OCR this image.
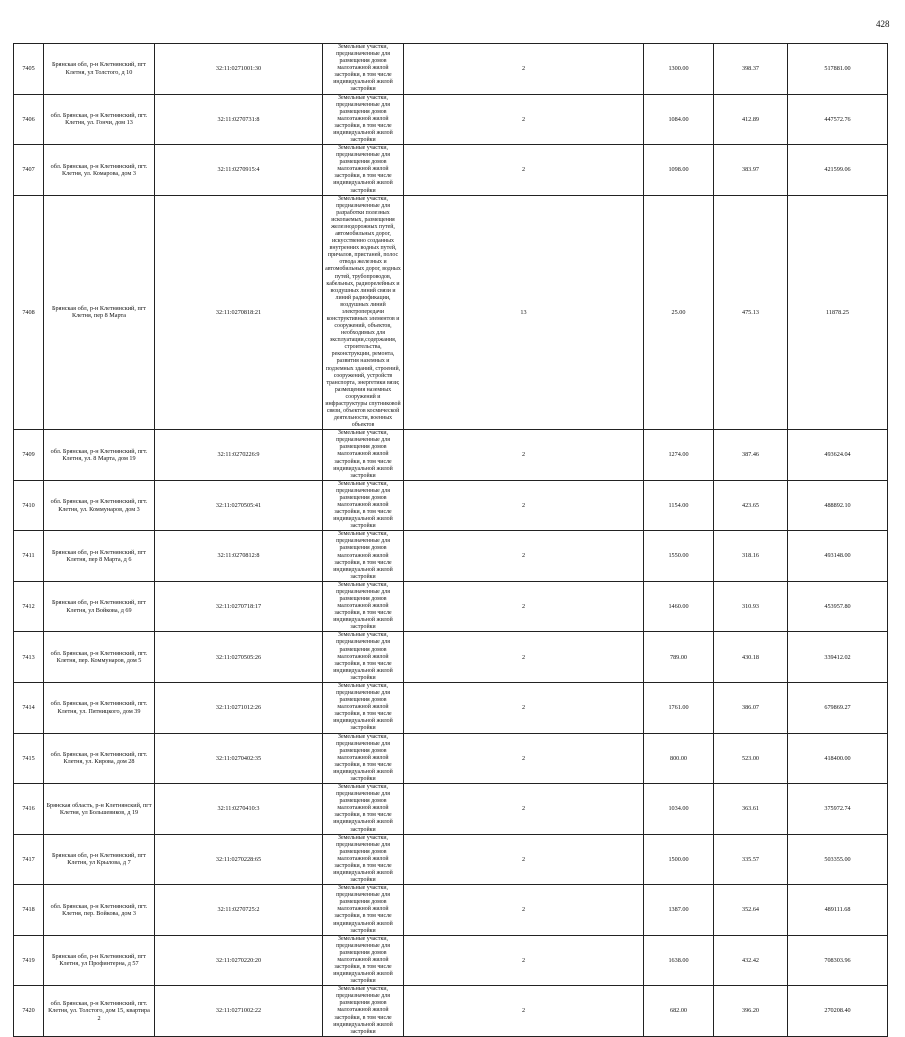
428
7405	Брянская обл, р-н Клетнянский, пгт Клетня, ул Толстого, д 10	32:11:0271001:30	Земельные участки, предназначенные для размещения домов малоэтажной жилой застройки, в том числе индивидуальной жилой застройки	2	1300.00	398.37	517881.00
7406	обл. Брянская, р-н Клетнянский, пгт. Клетня, ул. Гончи, дом 13	32:11:0270731:8	Земельные участки, предназначенные для размещения домов малоэтажной жилой застройки, в том числе индивидуальной жилой застройки	2	1084.00	412.89	447572.76
7407	обл. Брянская, р-н Клетнянский, пгт. Клетня, ул. Комарова, дом 3	32:11:0270915:4	Земельные участки, предназначенные для размещения домов малоэтажной жилой застройки, в том числе индивидуальной жилой застройки	2	1098.00	383.97	421599.06
7408	Брянская обл, р-н Клетнянский, пгт Клетня, пер 8 Марта	32:11:0270818:21	Земельные участки, предназначенные для разработки полезных ископаемых, размещения железнодорожных путей, автомобильных дорог, искусственно созданных внутренних водных путей, причалов, пристаней, полос отвода железных и автомобильных дорог, водных путей, трубопроводов, кабельных, радиорелейных и воздушных линий связи и линий радиофикации, воздушных линий электропередачи конструктивных элементов и сооружений, объектов, необходимых для эксплуатации,содержания, строительства, реконструкции, ремонта, развития наземных и подземных зданий, строений, сооружений, устройств транспорта, энергетики вязи; размещения наземных сооружений и инфраструктуры спутниковой связи, объектов космической деятельности, военных объектов	13	25.00	475.13	11878.25
7409	обл. Брянская, р-н Клетнянский, пгт. Клетня, ул. 8 Марта, дом 19	32:11:0270226:9	Земельные участки, предназначенные для размещения домов малоэтажной жилой застройки, в том числе индивидуальной жилой застройки	2	1274.00	387.46	493624.04
7410	обл. Брянская, р-н Клетнянский, пгт. Клетня, ул. Коммунаров, дом 3	32:11:0270505:41	Земельные участки, предназначенные для размещения домов малоэтажной жилой застройки, в том числе индивидуальной жилой застройки	2	1154.00	423.65	488892.10
7411	Брянская обл, р-н Клетнянский, пгт Клетня, пер 8 Марта, д 6	32:11:0270812:8	Земельные участки, предназначенные для размещения домов малоэтажной жилой застройки, в том числе индивидуальной жилой застройки	2	1550.00	318.16	493148.00
7412	Брянская обл, р-н Клетнянский, пгт Клетня, ул Войкова, д 69	32:11:0270718:17	Земельные участки, предназначенные для размещения домов малоэтажной жилой застройки, в том числе индивидуальной жилой застройки	2	1460.00	310.93	453957.80
7413	обл. Брянская, р-н Клетнянский, пгт. Клетня, пер. Коммунаров, дом 5	32:11:0270505:26	Земельные участки, предназначенные для размещения домов малоэтажной жилой застройки, в том числе индивидуальной жилой застройки	2	789.00	430.18	339412.02
7414	обл. Брянская, р-н Клетнянский, пгт. Клетня, ул. Пятницкого, дом 39	32:11:0271012:26	Земельные участки, предназначенные для размещения домов малоэтажной жилой застройки, в том числе индивидуальной жилой застройки	2	1761.00	386.07	679869.27
7415	обл. Брянская, р-н Клетнянский, пгт. Клетня, ул. Кирова, дом 28	32:11:0270402:35	Земельные участки, предназначенные для размещения домов малоэтажной жилой застройки, в том числе индивидуальной жилой застройки	2	800.00	523.00	418400.00
7416	Брянская область, р-н Клетнянский, пгт Клетня, ул Большевиков, д 19	32:11:0270410:3	Земельные участки, предназначенные для размещения домов малоэтажной жилой застройки, в том числе индивидуальной жилой застройки	2	1034.00	363.61	375972.74
7417	Брянская обл, р-н Клетнянский, пгт Клетня, ул Крылова, д 7	32:11:0270228:65	Земельные участки, предназначенные для размещения домов малоэтажной жилой застройки, в том числе индивидуальной жилой застройки	2	1500.00	335.57	503355.00
7418	обл. Брянская, р-н Клетнянский, пгт. Клетня, пер. Войкова, дом 3	32:11:0270725:2	Земельные участки, предназначенные для размещения домов малоэтажной жилой застройки, в том числе индивидуальной жилой застройки	2	1387.00	352.64	489111.68
7419	Брянская обл, р-н Клетнянский, пгт Клетня, ул Профинтерна, д 57	32:11:0270220:20	Земельные участки, предназначенные для размещения домов малоэтажной жилой застройки, в том числе индивидуальной жилой застройки	2	1638.00	432.42	708303.96
7420	обл. Брянская, р-н Клетнянский, пгт. Клетня, ул. Толстого, дом 15, квартира 2	32:11:0271002:22	Земельные участки, предназначенные для размещения домов малоэтажной жилой застройки, в том числе индивидуальной жилой застройки	2	682.00	396.20	270208.40
